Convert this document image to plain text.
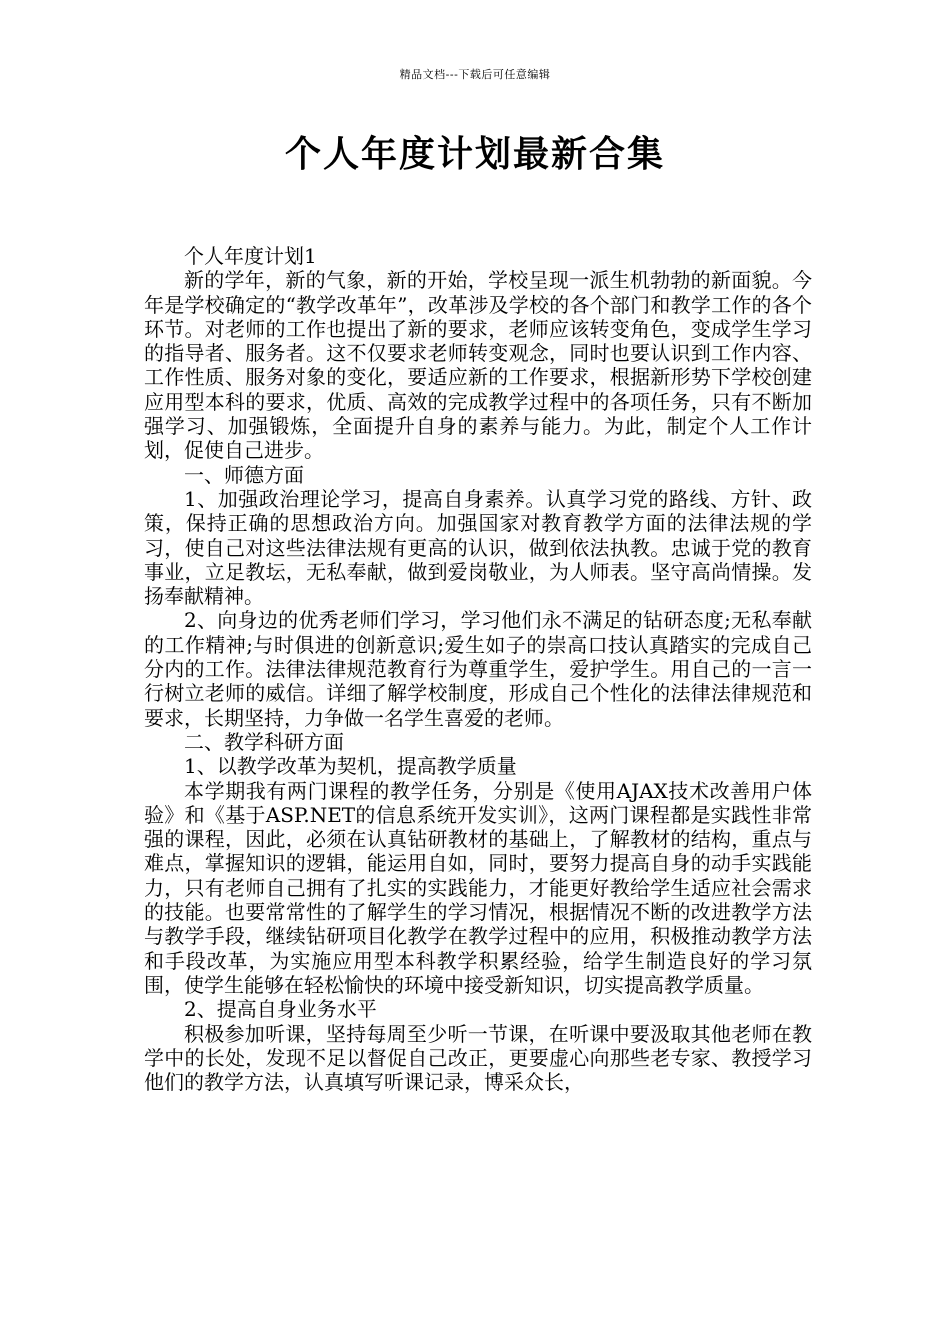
精品文档---下载后可任意编辑
个人年度计划最新合集

个人年度计划1

新的学年，新的气象，新的开始，学校呈现一派生机勃勃的新面貌。今年是学校确定的“教学改革年”，改革涉及学校的各个部门和教学工作的各个环节。对老师的工作也提出了新的要求，老师应该转变角色，变成学生学习的指导者、服务者。这不仅要求老师转变观念，同时也要认识到工作内容、工作性质、服务对象的变化，要适应新的工作要求，根据新形势下学校创建应用型本科的要求，优质、高效的完成教学过程中的各项任务，只有不断加强学习、加强锻炼，全面提升自身的素养与能力。为此，制定个人工作计划，促使自己进步。

一、师德方面

1、加强政治理论学习，提高自身素养。认真学习党的路线、方针、政策，保持正确的思想政治方向。加强国家对教育教学方面的法律法规的学习，使自己对这些法律法规有更高的认识，做到依法执教。忠诚于党的教育事业，立足教坛，无私奉献，做到爱岗敬业，为人师表。坚守高尚情操。发扬奉献精神。

2、向身边的优秀老师们学习，学习他们永不满足的钻研态度;无私奉献的工作精神;与时俱进的创新意识;爱生如子的崇高口技认真踏实的完成自己分内的工作。法律法律规范教育行为尊重学生，爱护学生。用自己的一言一行树立老师的威信。详细了解学校制度，形成自己个性化的法律法律规范和要求，长期坚持，力争做一名学生喜爱的老师。

二、教学科研方面

1、以教学改革为契机，提高教学质量

本学期我有两门课程的教学任务，分别是《使用AJAX技术改善用户体验》和《基于ASP.NET的信息系统开发实训》，这两门课程都是实践性非常强的课程，因此，必须在认真钻研教材的基础上，了解教材的结构，重点与难点，掌握知识的逻辑，能运用自如，同时，要努力提高自身的动手实践能力，只有老师自己拥有了扎实的实践能力，才能更好教给学生适应社会需求的技能。也要常常性的了解学生的学习情况，根据情况不断的改进教学方法与教学手段，继续钻研项目化教学在教学过程中的应用，积极推动教学方法和手段改革，为实施应用型本科教学积累经验，给学生制造良好的学习氛围，使学生能够在轻松愉快的环境中接受新知识，切实提高教学质量。

2、提高自身业务水平

积极参加听课，坚持每周至少听一节课，在听课中要汲取其他老师在教学中的长处，发现不足以督促自己改正，更要虚心向那些老专家、教授学习他们的教学方法，认真填写听课记录，博采众长，
